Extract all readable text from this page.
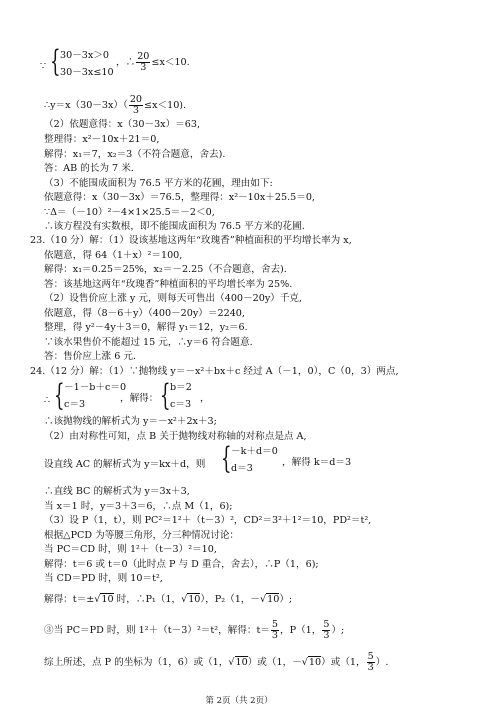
∵ { 30－3x＞0
30－3x≤10
，∴ $\frac{20}{3} \le x<10$.
∴y＝x（30－3x）（ $\frac{20}{3} \le x<10$).
（2）依题意得：x（30－3x）＝63,
整理得：x²－10x＋21＝0,
解得：x₁＝7，x₂＝3（不符合题意，舍去).
答：AB 的长为 7 米.
（3）不能围成面积为 76.5 平方米的花圃，理由如下:
依题意得：x（30－3x）＝76.5，整理得：x²－10x＋25.5＝0,
∵Δ＝（－10）²－4×1×25.5＝－2＜0,
∴该方程没有实数根，即不能围成面积为 76.5 平方米的花圃.
23.（10 分）解：（1）设该基地这两年“玫瑰香”种植面积的平均增长率为 x,
依题意，得 64（1＋x）²＝100,
解得：x₁＝0.25＝25%，x₂＝－2.25（不合题意，舍去).
答：该基地这两年“玫瑰香”种植面积的平均增长率为 25%.
（2）设售价应上涨 y 元，则每天可售出（400－20y）千克,
依题意，得（8－6＋y）（400－20y）＝2240,
整理，得 y²－4y＋3＝0，解得 y₁＝12，y₂＝6.
∵该水果售价不能超过 15 元，∴y＝6 符合题意.
答：售价应上涨 6 元.
24.（12 分）解：（1）∵抛物线 y＝－x²＋bx＋c 经过 A（－1，0），C（0，3）两点,
∴ { －1－b＋c＝0
c＝3
，解得： { b＝2
c＝3
，
∴该抛物线的解析式为 y＝－x²＋2x＋3;
（2）由对称性可知，点 B 关于抛物线对称轴的对称点是点 A,
设直线 AC 的解析式为 y＝kx＋d，则 { －k＋d＝0
d＝3
，解得 k＝d＝3
∴直线 BC 的解析式为 y＝3x＋3,
当 x＝1 时，y＝3＋3＝6，∴点 M（1，6);
（3）设 P（1，t），则 PC²＝1²＋（t－3）²，CD²＝3²＋1²＝10，PD²＝t²,
根据△PCD 为等腰三角形，分三种情况讨论：
当 PC＝CD 时，则 1²＋（t－3）²＝10,
解得：t＝6 或 t＝0（此时点 P 与 D 重合，舍去），∴P（1，6);
当 CD＝PD 时，则 10＝t²,
解得：t＝±√10 时，∴P₁（1，√10），P₂（1，－√10）;
③当 PC＝PD 时，则 1²＋（t－3）²＝t²，解得：$t= \frac{5}{3}$ ，P（1， $\frac{5}{3}$ ）;
综上所述，点 P 的坐标为（1，6）或（1，√10）或（1，－√10）或（1， $\frac{5}{3}$ ）.
第 2页（共 2页）
